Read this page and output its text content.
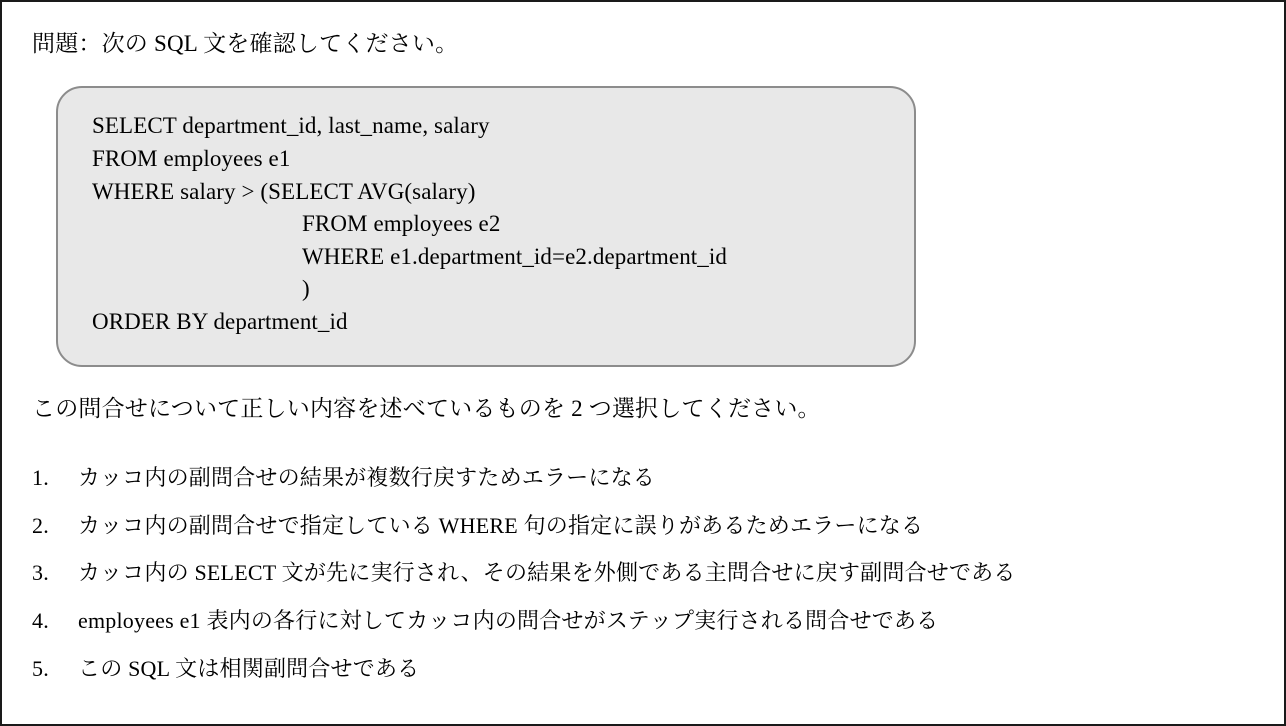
問題：次の SQL 文を確認してください。
SELECT department_id, last_name, salary
FROM employees e1
WHERE salary > (SELECT AVG(salary)
FROM employees e2
WHERE e1.department_id=e2.department_id
)
ORDER BY department_id
この問合せについて正しい内容を述べているものを 2 つ選択してください。
1.	カッコ内の副問合せの結果が複数行戻すためエラーになる
2.	カッコ内の副問合せで指定している WHERE 句の指定に誤りがあるためエラーになる
3.	カッコ内の SELECT 文が先に実行され、その結果を外側である主問合せに戻す副問合せである
4.	employees e1 表内の各行に対してカッコ内の問合せがステップ実行される問合せである
5.	この SQL 文は相関副問合せである
